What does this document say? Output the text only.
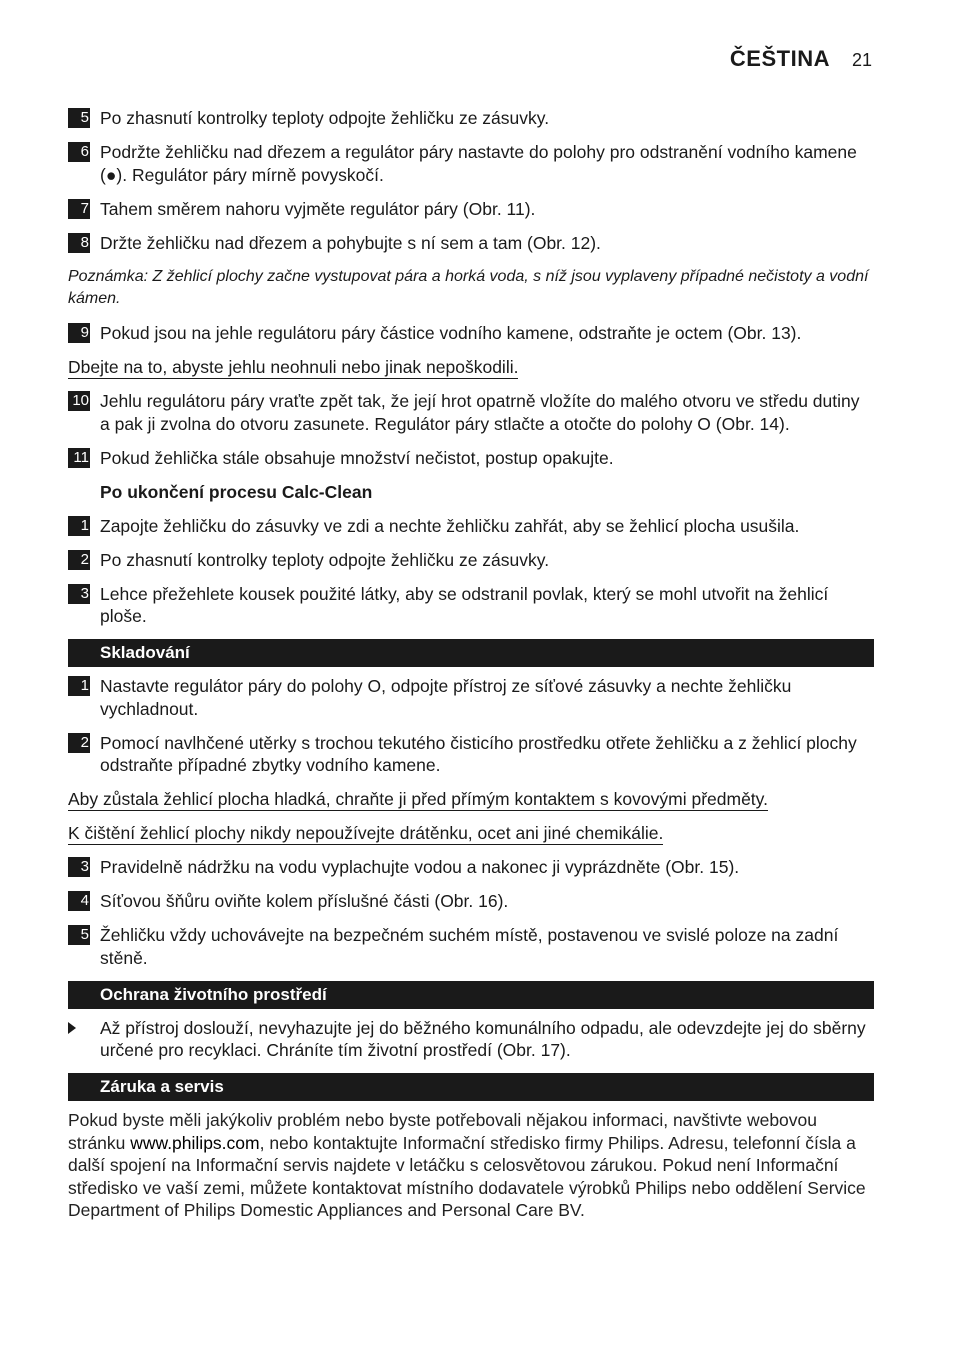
ČEŠTINA 21
5 Po zhasnutí kontrolky teploty odpojte žehličku ze zásuvky.
6 Podržte žehličku nad dřezem a regulátor páry nastavte do polohy pro odstranění vodního kamene (●). Regulátor páry mírně povyskočí.
7 Tahem směrem nahoru vyjměte regulátor páry (Obr. 11).
8 Držte žehličku nad dřezem a pohybujte s ní sem a tam (Obr. 12).
Poznámka: Z žehlicí plochy začne vystupovat pára a horká voda, s níž jsou vyplaveny případné nečistoty a vodní kámen.
9 Pokud jsou na jehle regulátoru páry částice vodního kamene, odstraňte je octem (Obr. 13).
Dbejte na to, abyste jehlu neohnuli nebo jinak nepoškodili.
10 Jehlu regulátoru páry vraťte zpět tak, že její hrot opatrně vložíte do malého otvoru ve středu dutiny a pak ji zvolna do otvoru zasunete. Regulátor páry stlačte a otočte do polohy O (Obr. 14).
11 Pokud žehlička stále obsahuje množství nečistot, postup opakujte.
Po ukončení procesu Calc-Clean
1 Zapojte žehličku do zásuvky ve zdi a nechte žehličku zahřát, aby se žehlicí plocha usušila.
2 Po zhasnutí kontrolky teploty odpojte žehličku ze zásuvky.
3 Lehce přežehlete kousek použité látky, aby se odstranil povlak, který se mohl utvořit na žehlicí ploše.
Skladování
1 Nastavte regulátor páry do polohy O, odpojte přístroj ze síťové zásuvky a nechte žehličku vychladnout.
2 Pomocí navlhčené utěrky s trochou tekutého čisticího prostředku otřete žehličku a z žehlicí plochy odstraňte případné zbytky vodního kamene.
Aby zůstala žehlicí plocha hladká, chraňte ji před přímým kontaktem s kovovými předměty.
K čištění žehlicí plochy nikdy nepoužívejte drátěnku, ocet ani jiné chemikálie.
3 Pravidelně nádržku na vodu vyplachujte vodou a nakonec ji vyprázdněte (Obr. 15).
4 Síťovou šňůru oviňte kolem příslušné části (Obr. 16).
5 Žehličku vždy uchovávejte na bezpečném suchém místě, postavenou ve svislé poloze na zadní stěně.
Ochrana životního prostředí
Až přístroj doslouží, nevyhazujte jej do běžného komunálního odpadu, ale odevzdejte jej do sběrny určené pro recyklaci. Chráníte tím životní prostředí (Obr. 17).
Záruka a servis
Pokud byste měli jakýkoliv problém nebo byste potřebovali nějakou informaci, navštivte webovou stránku www.philips.com, nebo kontaktujte Informační středisko firmy Philips. Adresu, telefonní čísla a další spojení na Informační servis najdete v letáčku s celosvětovou zárukou. Pokud není Informační středisko ve vaší zemi, můžete kontaktovat místního dodavatele výrobků Philips nebo oddělení Service Department of Philips Domestic Appliances and Personal Care BV.
